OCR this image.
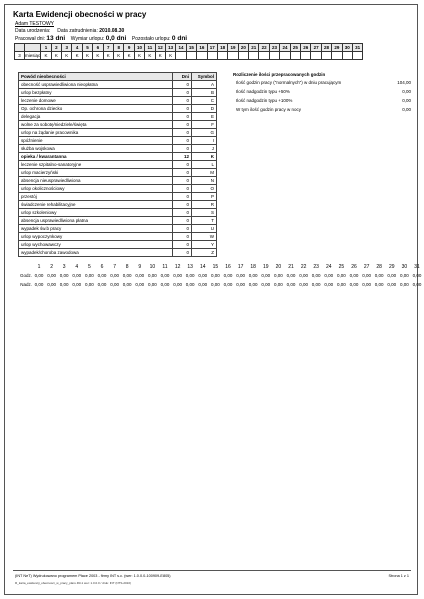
Karta Ewidencji obecności w pracy
Adam TESTOWY
Data urodzenia: Data zatrudnienia: 2010.08.30
Pracował dni: 13 dni Wymiar urlopu: 0,0 dni Pozostało urlopu: 0 dni
		1	2	3	4	5	6	7	8	9	10	11	12	13	14	15	16	17	18	19	20	21	22	23	24	25	26	27	28	29	30	31
3	miesiąc	K	K	K	K	K	K	K	K	K	K	K	K	K																		
Powód nieobecności	Dni	Symbol
obecność usprawiedliwiona nieopłatna	0	A
urlop bezpłatny	0	B
leczenie domowe	0	C
Op. ochrona dziecko	0	D
delegacja	0	E
wolne za sobotę/niedziele/święta	0	F
urlop na żądanie pracownika	0	G
spóźnienie	0	I
służba wojskowa	0	J
opieka / kwarantanna	12	K
leczenie szpitalno-sanatoryjne	0	L
urlop macierzyński	0	M
absencja nieusprawiedliwiona	0	N
urlop okolicznościowy	0	O
przestój	0	P
świadczenie rehabilitacyjne	0	R
urlop szkoleniowy	0	S
absencja usprawiedliwiona płatna	0	T
wypadek św.b pracy	0	U
urlop wypoczynkowy	0	W
urlop wychowawczy	0	Y
wypadek/choroba zawodowa	0	Z
Rozliczenie ilości przepracowanych godzin
Ilość godzin pracy ("normalnych") w dniu pracującym	104,00
Ilość nadgodzin typu +50%	0,00
Ilość nadgodzin typu +100%	0,00
W tym ilość godzin pracy w nocy	0,00
1	2	3	4	5	6	7	8	9	10	11	12	13	14	15	16	17	18	19	20	21	22	23	24	25	26	27	28	29	30	31
Godz. 0,00 0,00 0,00 0,00 0,00 0,00 0,00 0,00 0,00 0,00 0,00 0,00 0,00 0,00 0,00 0,00 0,00 0,00 0,00 0,00 0,00 0,00 0,00 0,00 0,00 0,00 0,00 0,00 0,00 0,00 0,00
Nadz. 0,00 0,00 0,00 0,00 0,00 0,00 0,00 0,00 0,00 0,00 0,00 0,00 0,00 0,00 0,00 0,00 0,00 0,00 0,00 0,00 0,00 0,00 0,00 0,00 0,00 0,00 0,00 0,00 0,00 0,00 0,00
(INT NeT) Wydrukowano programem Płace 2003 - firmy INT s.c. (wer: 1.0.0.0-100909-E805)	Strona 1 z 1
R_karta_ewidencji_obecnosci_w_pracy_plaru.R3-1 wer: 1.0.0.0 / druk: INT (NTS-2010)
